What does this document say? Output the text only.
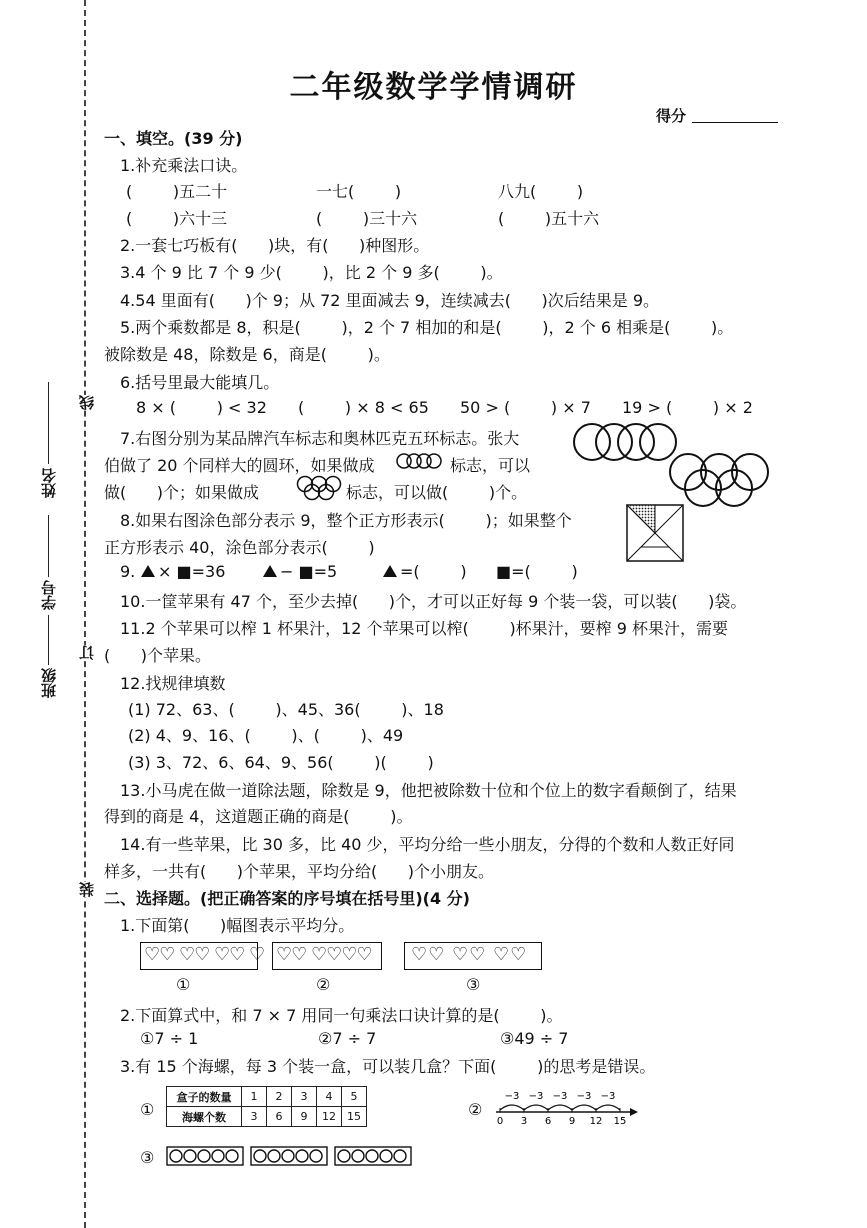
班级
学号
姓名
线
订
装
二年级数学学情调研
得分
一、填空。(39 分)
1.补充乘法口诀。
(        )五二十	一七(        )	八九(        )
(        )六十三	(        )三十六	(        )五十六
2.一套七巧板有(      )块，有(      )种图形。
3.4 个 9 比 7 个 9 少(        )，比 2 个 9 多(        )。
4.54 里面有(      )个 9；从 72 里面减去 9，连续减去(      )次后结果是 9。
5.两个乘数都是 8，积是(        )，2 个 7 相加的和是(        )，2 个 6 相乘是(        )。
被除数是 48，除数是 6，商是(        )。
6.括号里最大能填几。
8 × (        ) < 32 (        ) × 8 < 65 50 > (        ) × 7 19 > (        ) × 2
7.右图分别为某品牌汽车标志和奥林匹克五环标志。张大
伯做了 20 个同样大的圆环，如果做成	标志，可以
做(      )个；如果做成	标志，可以做(        )个。
8.如果右图涂色部分表示 9，整个正方形表示(        )；如果整个
正方形表示 40，涂色部分表示(        )
9. × ■=36	− ■=5	=(        ) ■=(        )
10.一筐苹果有 47 个，至少去掉(      )个，才可以正好每 9 个装一袋，可以装(      )袋。
11.2 个苹果可以榨 1 杯果汁，12 个苹果可以榨(        )杯果汁，要榨 9 杯果汁，需要
(      )个苹果。
12.找规律填数
(1) 72、63、(        )、45、36(        )、18
(2) 4、9、16、(        )、(        )、49
(3) 3、72、6、64、9、56(        )(        )
13.小马虎在做一道除法题，除数是 9，他把被除数十位和个位上的数字看颠倒了，结果
得到的商是 4，这道题正确的商是(        )。
14.有一些苹果，比 30 多，比 40 少，平均分给一些小朋友，分得的个数和人数正好同
样多，一共有(      )个苹果，平均分给(      )个小朋友。
二、选择题。(把正确答案的序号填在括号里)(4 分)
1.下面第(      )幅图表示平均分。
♡♡ ♡♡ ♡♡ ♡ ♡♡ ♡♡♡♡ ♡♡ ♡♡ ♡♡
①	②	③
2.下面算式中，和 7 × 7 用同一句乘法口诀计算的是(        )。
①7 ÷ 1	②7 ÷ 7	③49 ÷ 7
3.有 15 个海螺，每 3 个装一盒，可以装几盒？下面(        )的思考是错误。
①
盒子的数量	1	2	3	4	5
海螺个数	3	6	9	12	15	②
−3 −3 −3 −3 −3
0 3 6 9 12 15
③
